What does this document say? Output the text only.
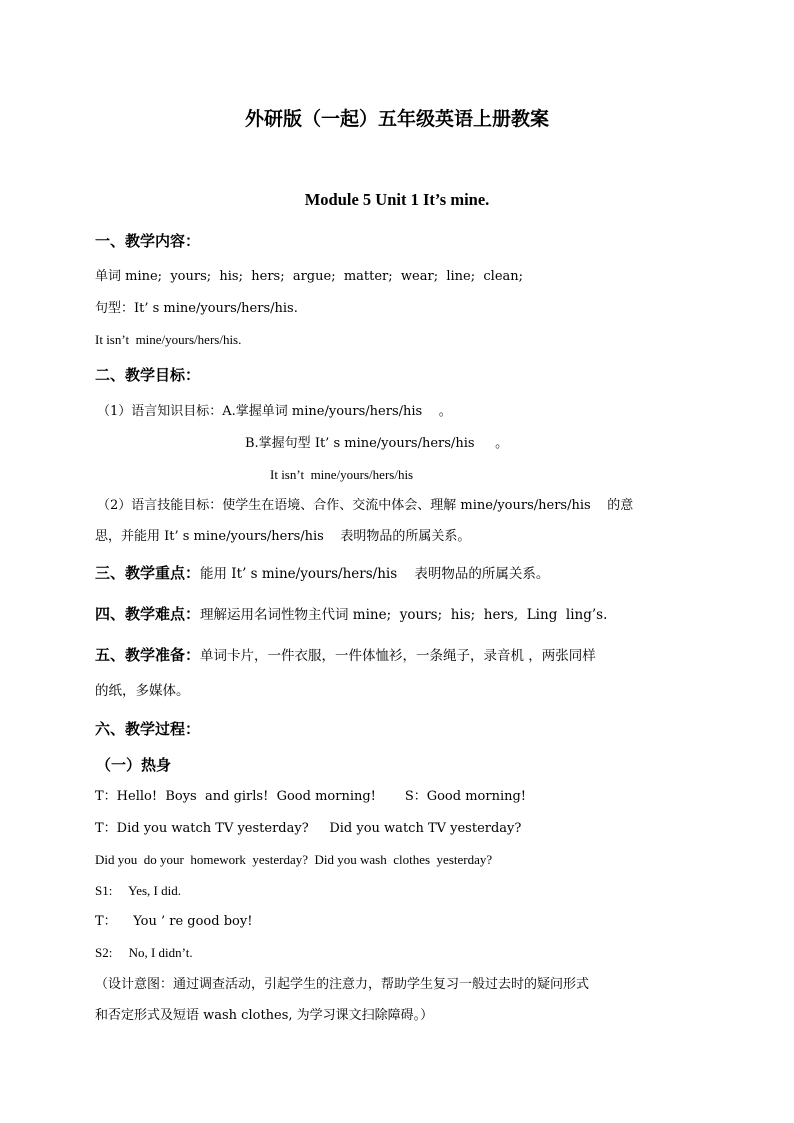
外研版（一起）五年级英语上册教案
Module 5 Unit 1 It’s mine.
一、教学内容：
单词 mine;  yours;  his;  hers;  argue;  matter;  wear;  line;  clean;
句型：It’ s mine/yours/hers/his.
It isn’t  mine/yours/hers/his.
二、教学目标：
（1）语言知识目标：A.掌握单词 mine/yours/hers/his    。
B.掌握句型 It’ s mine/yours/hers/his     。
It isn’t  mine/yours/hers/his
（2）语言技能目标：使学生在语境、合作、交流中体会、理解 mine/yours/hers/his    的意
思，并能用 It’ s mine/yours/hers/his    表明物品的所属关系。
三、教学重点：能用 It’ s mine/yours/hers/his    表明物品的所属关系。
四、教学难点：理解运用名词性物主代词 mine;  yours;  his;  hers,  Ling  ling’s.
五、教学准备：单词卡片，一件衣服，一件体恤衫，一条绳子，录音机 ，两张同样
的纸，多媒体。
六、教学过程：
（一）热身
T：Hello!  Boys  and girls!  Good morning!       S：Good morning!
T：Did you watch TV yesterday?     Did you watch TV yesterday?
Did you  do your  homework  yesterday?  Did you wash  clothes  yesterday?
S1:     Yes, I did.
T：    You ’ re good boy!
S2:     No, I didn’t.
（设计意图：通过调查活动，引起学生的注意力，帮助学生复习一般过去时的疑问形式
和否定形式及短语 wash clothes, 为学习课文扫除障碍。）
